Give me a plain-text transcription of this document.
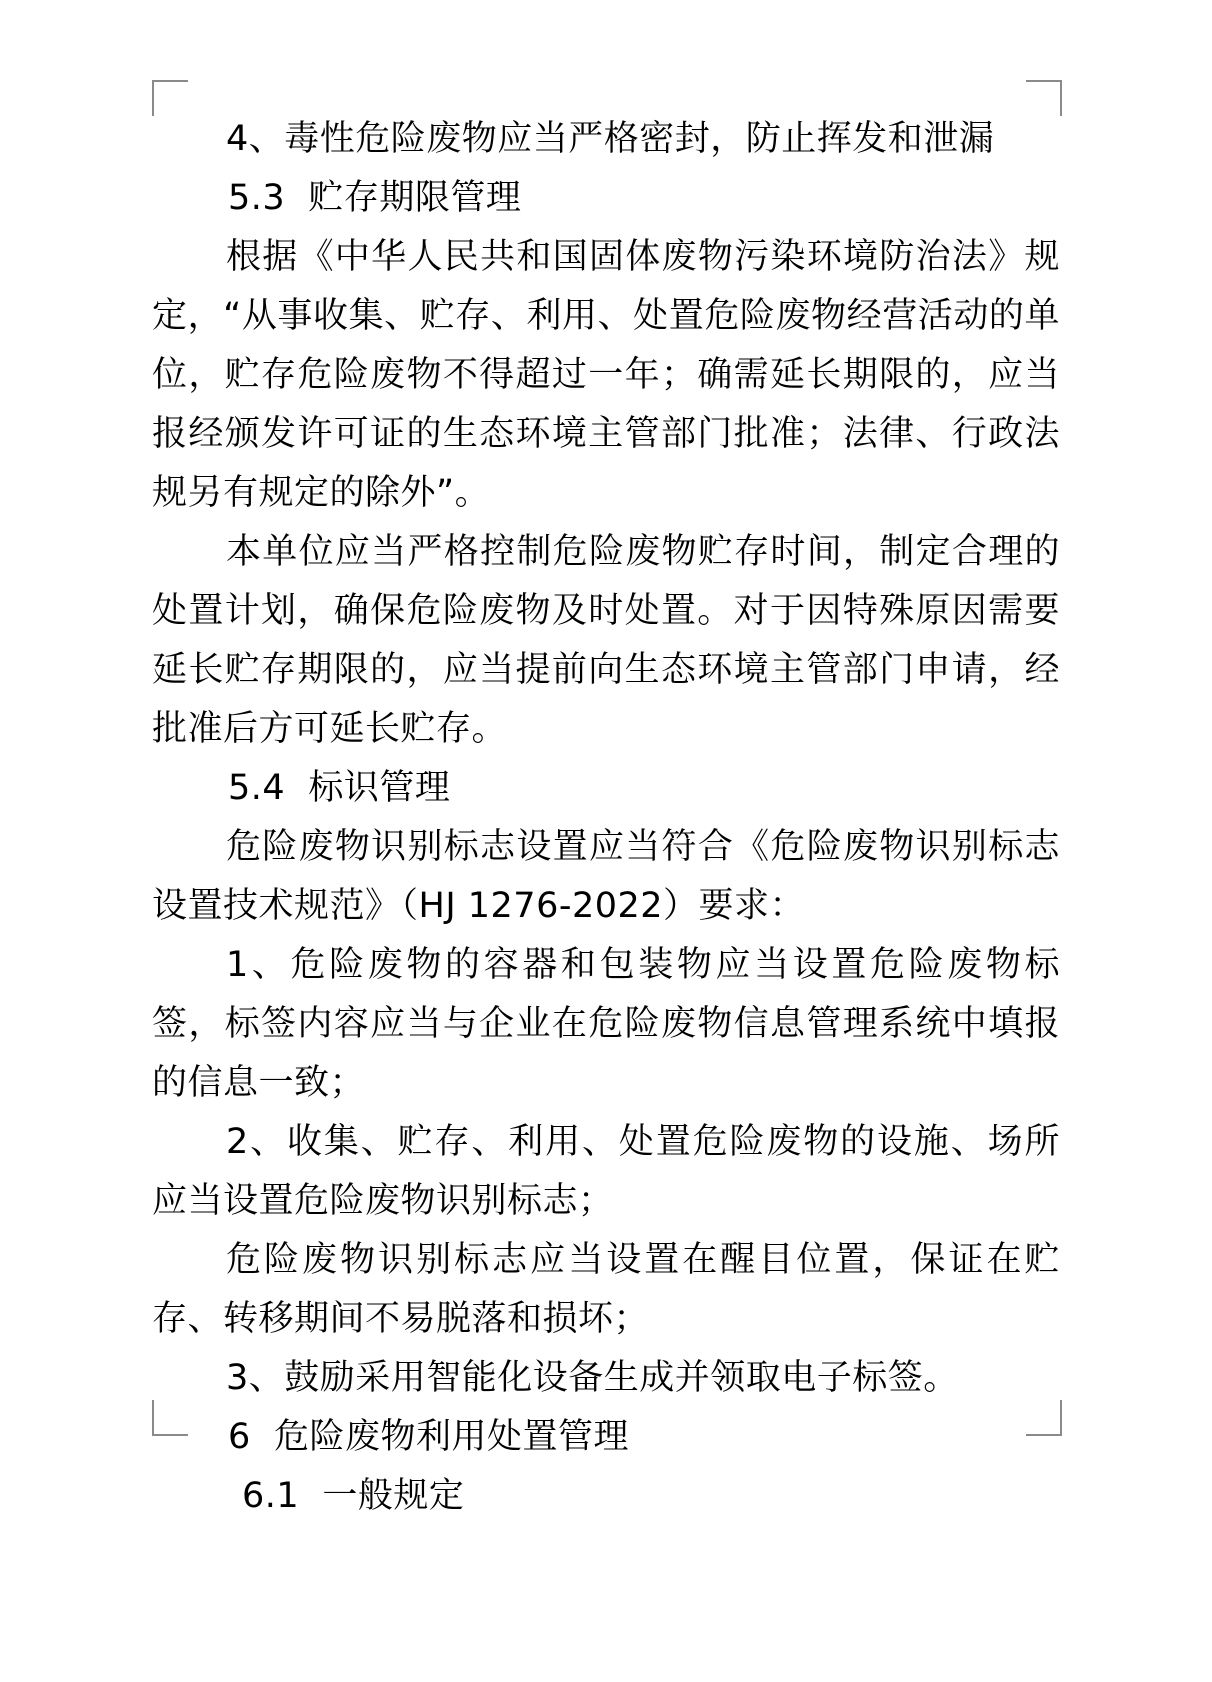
4、毒性危险废物应当严格密封，防止挥发和泄漏
5.3  贮存期限管理

根据《中华人民共和国固体废物污染环境防治法》规定，“从事收集、贮存、利用、处置危险废物经营活动的单位，贮存危险废物不得超过一年；确需延长期限的，应当报经颁发许可证的生态环境主管部门批准；法律、行政法规另有规定的除外”。

本单位应当严格控制危险废物贮存时间，制定合理的处置计划，确保危险废物及时处置。对于因特殊原因需要延长贮存期限的，应当提前向生态环境主管部门申请，经批准后方可延长贮存。

5.4  标识管理

危险废物识别标志设置应当符合《危险废物识别标志设置技术规范》（HJ 1276-2022）要求：

1、危险废物的容器和包装物应当设置危险废物标签，标签内容应当与企业在危险废物信息管理系统中填报的信息一致；

2、收集、贮存、利用、处置危险废物的设施、场所应当设置危险废物识别标志；

危险废物识别标志应当设置在醒目位置，保证在贮存、转移期间不易脱落和损坏；

3、鼓励采用智能化设备生成并领取电子标签。

6  危险废物利用处置管理
6.1  一般规定
